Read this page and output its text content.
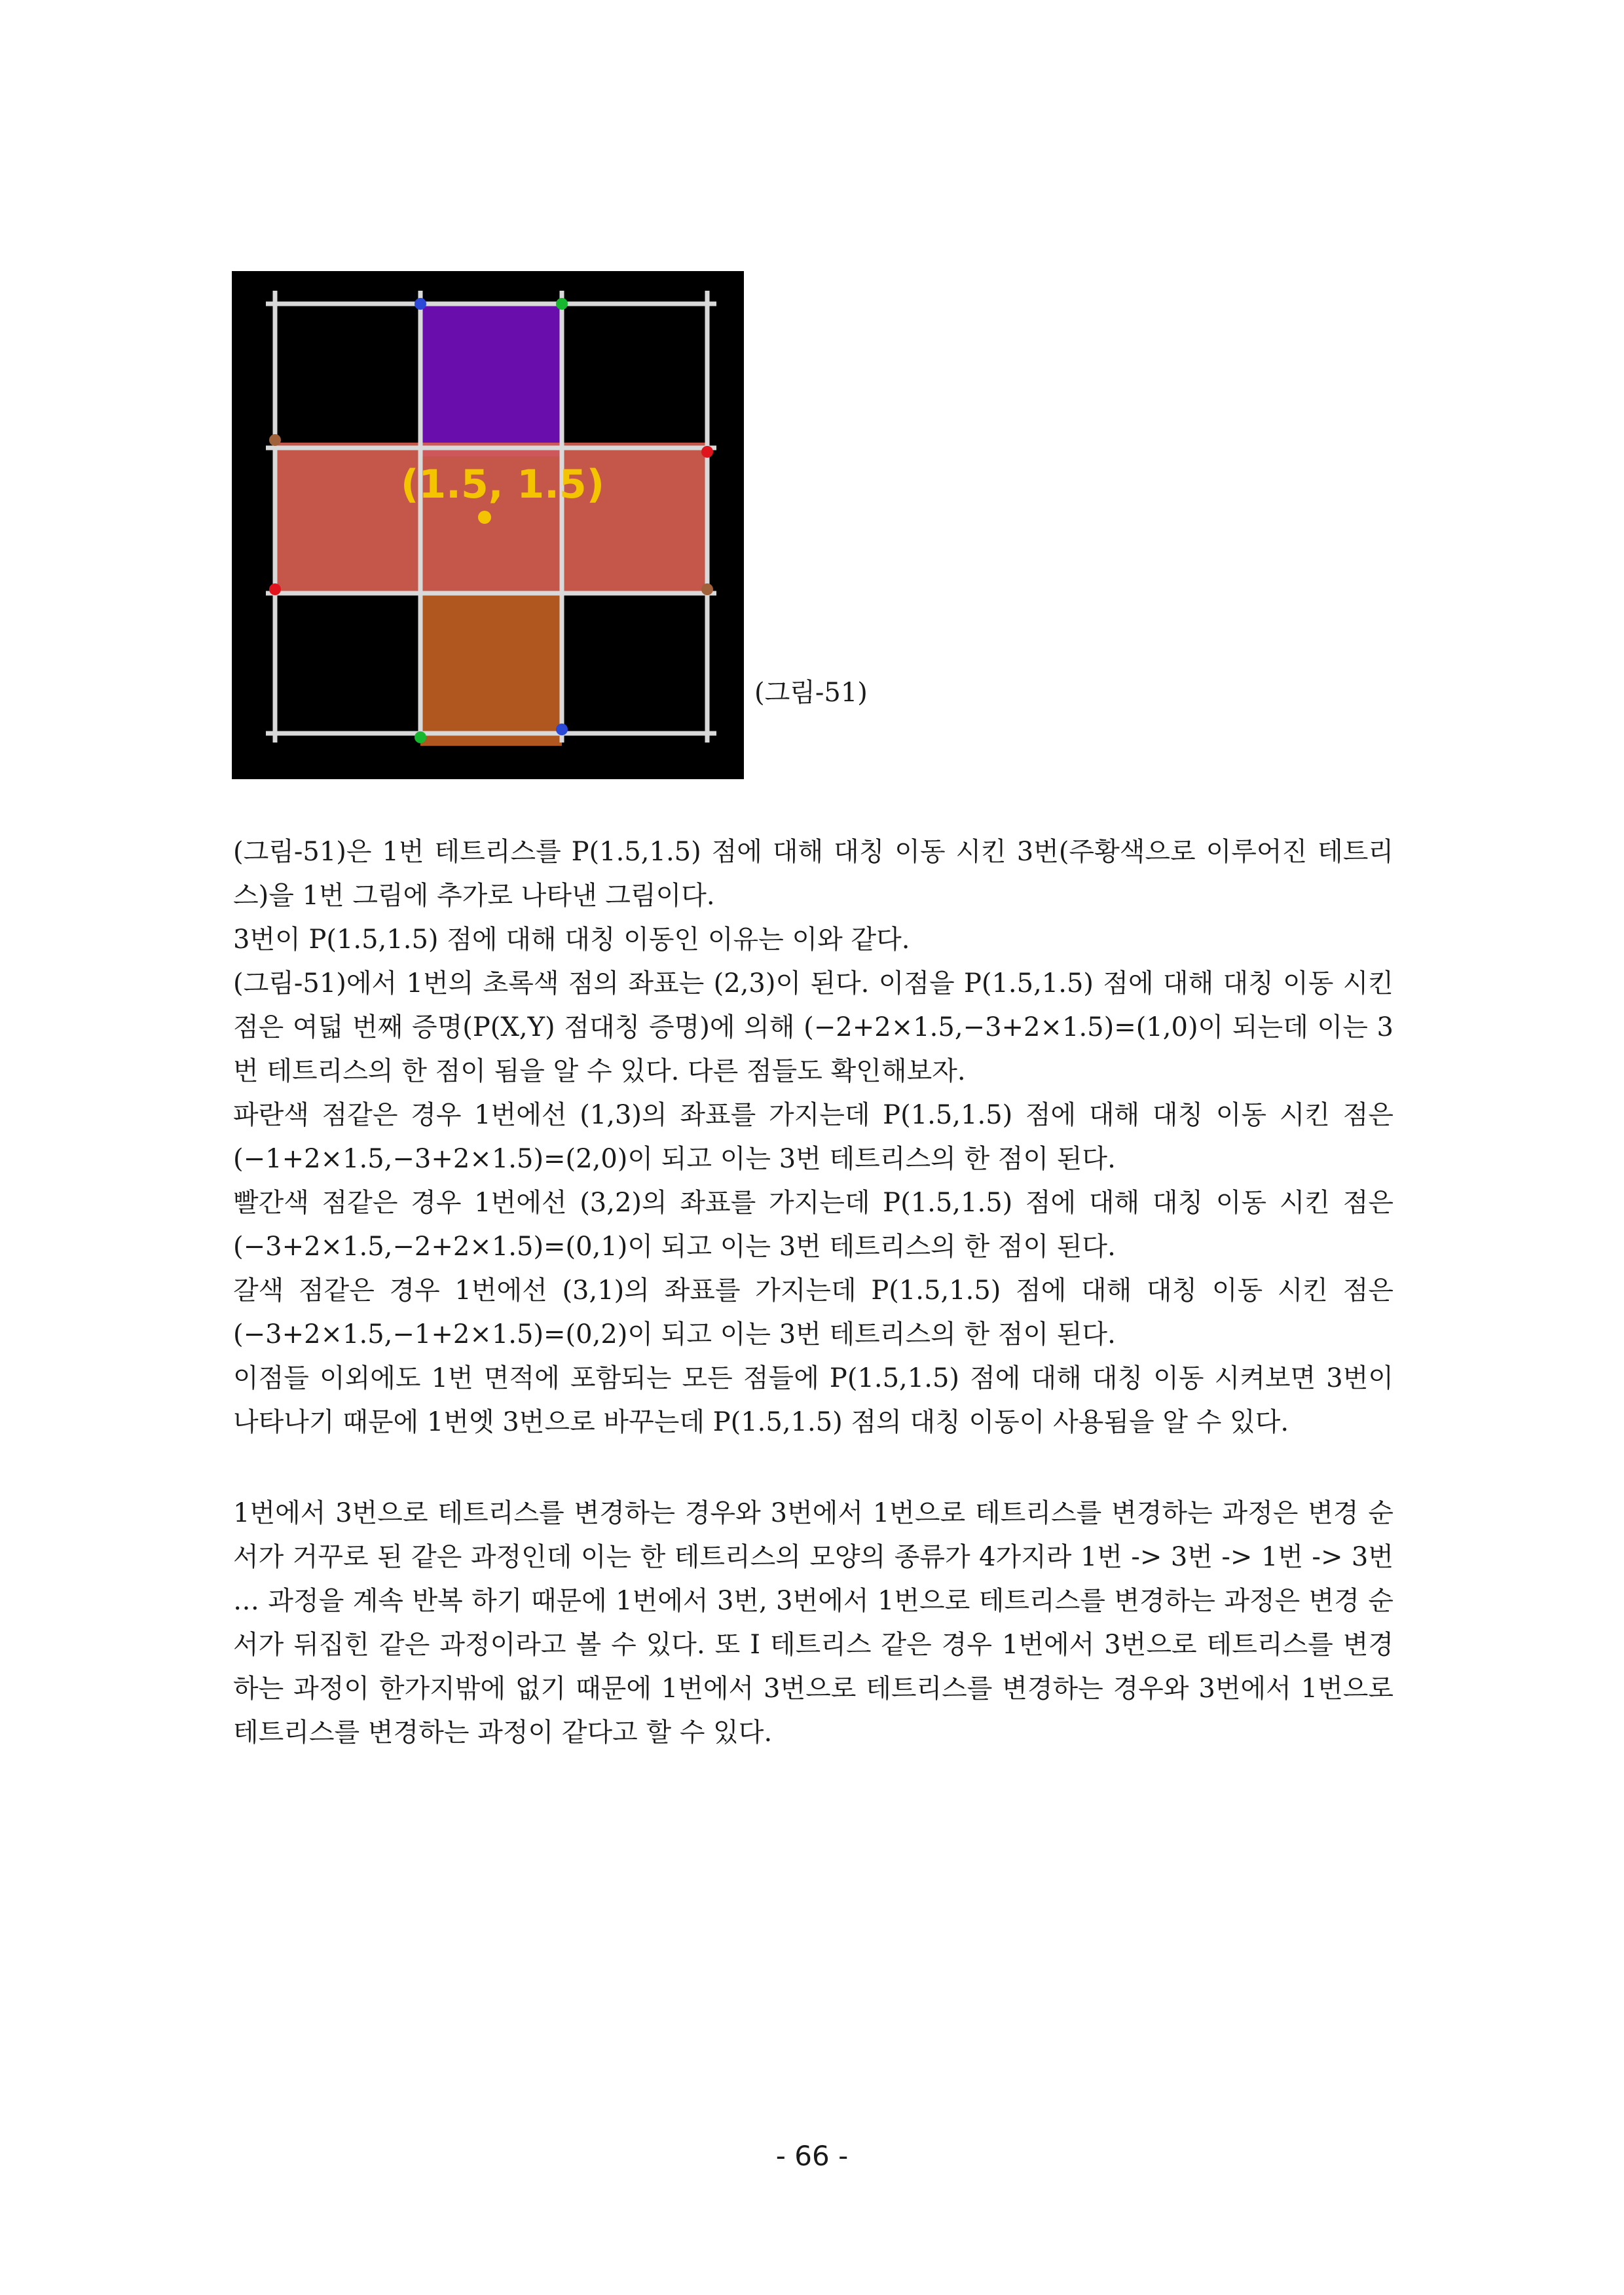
(1.5, 1.5)
(그림-51)

(그림-51)은 1번 테트리스를 P(1.5,1.5) 점에 대해 대칭 이동 시킨 3번(주황색으로 이루어진 테트리스)을 1번 그림에 추가로 나타낸 그림이다.

3번이 P(1.5,1.5) 점에 대해 대칭 이동인 이유는 이와 같다.

(그림-51)에서 1번의 초록색 점의 좌표는 (2,3)이 된다. 이점을 P(1.5,1.5) 점에 대해 대칭 이동 시킨 점은 여덟 번째 증명(P(X,Y) 점대칭 증명)에 의해 (−2+2×1.5,−3+2×1.5)=(1,0)이 되는데 이는 3번 테트리스의 한 점이 됨을 알 수 있다. 다른 점들도 확인해보자.

파란색 점같은 경우 1번에선 (1,3)의 좌표를 가지는데 P(1.5,1.5) 점에 대해 대칭 이동 시킨 점은 (−1+2×1.5,−3+2×1.5)=(2,0)이 되고 이는 3번 테트리스의 한 점이 된다.

빨간색 점같은 경우 1번에선 (3,2)의 좌표를 가지는데 P(1.5,1.5) 점에 대해 대칭 이동 시킨 점은 (−3+2×1.5,−2+2×1.5)=(0,1)이 되고 이는 3번 테트리스의 한 점이 된다.

갈색 점같은 경우 1번에선 (3,1)의 좌표를 가지는데 P(1.5,1.5) 점에 대해 대칭 이동 시킨 점은 (−3+2×1.5,−1+2×1.5)=(0,2)이 되고 이는 3번 테트리스의 한 점이 된다.

이점들 이외에도 1번 면적에 포함되는 모든 점들에 P(1.5,1.5) 점에 대해 대칭 이동 시켜보면 3번이 나타나기 때문에 1번엣 3번으로 바꾸는데 P(1.5,1.5) 점의 대칭 이동이 사용됨을 알 수 있다.

1번에서 3번으로 테트리스를 변경하는 경우와 3번에서 1번으로 테트리스를 변경하는 과정은 변경 순서가 거꾸로 된 같은 과정인데 이는 한 테트리스의 모양의 종류가 4가지라 1번 -> 3번 -> 1번 -> 3번 … 과정을 계속 반복 하기 때문에 1번에서 3번, 3번에서 1번으로 테트리스를 변경하는 과정은 변경 순서가 뒤집힌 같은 과정이라고 볼 수 있다. 또 I 테트리스 같은 경우 1번에서 3번으로 테트리스를 변경하는 과정이 한가지밖에 없기 때문에 1번에서 3번으로 테트리스를 변경하는 경우와 3번에서 1번으로 테트리스를 변경하는 과정이 같다고 할 수 있다.

- 66 -
